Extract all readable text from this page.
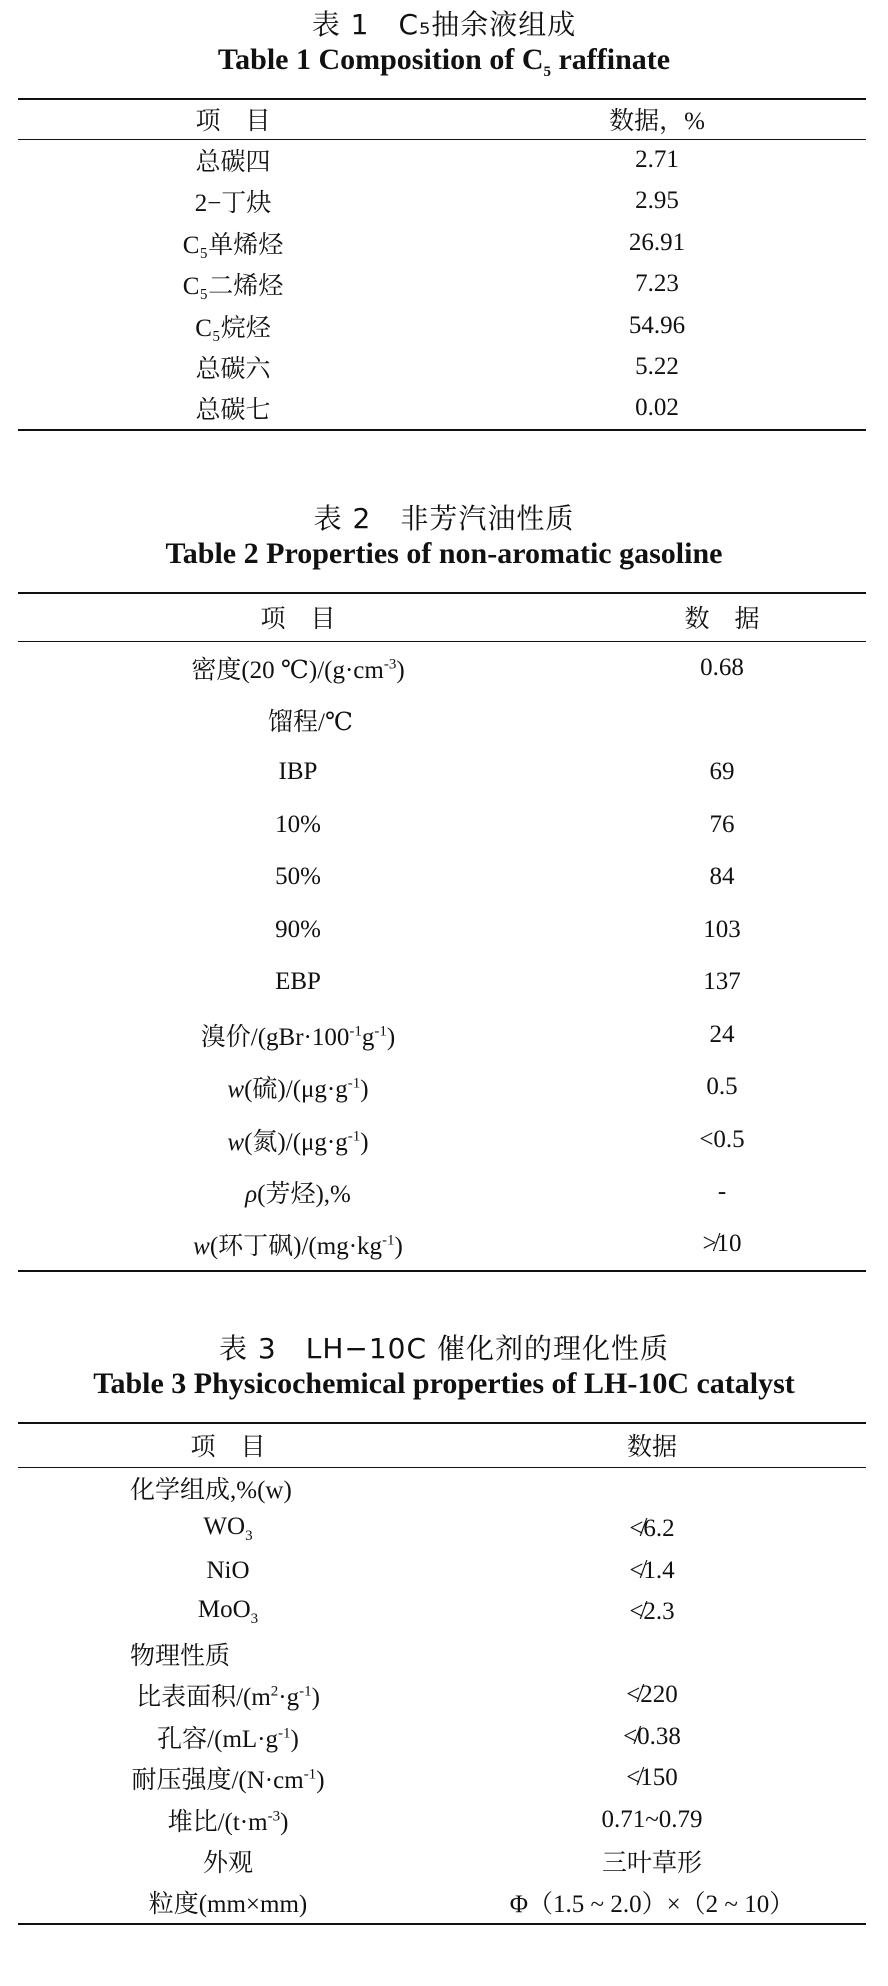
表 1　C₅抽余液组成
Table 1 Composition of $C_5$ raffinate
项　目	数据，%
总碳四	2.71
2−丁炔	2.95
C₅单烯烃	26.91
C₅二烯烃	7.23
C₅烷烃	54.96
总碳六	5.22
总碳七	0.02
表 2　非芳汽油性质
Table 2 Properties of non-aromatic gasoline
项　目	数　据
密度(20 $℃)/(g\cdot cm^{-3})$	0.68
馏程/℃	
IBP	69
10%	76
50%	84
90%	103
EBP	137
溴价$/(gBr\cdot 100^{-1}g^{-1})$	24
w(硫)$/(\mu g\cdot g^{-1})$	0.5
w(氮)$/(\mu g\cdot g^{-1})$	<0.5
ρ(芳烃),%	-
w(环丁砜)$/(mg\cdot kg^{-1})$	≯10
表 3　LH−10C 催化剂的理化性质
Table 3 Physicochemical properties of LH-10C catalyst
项　目	数据
化学组成,%(w)	
$WO_3$	≮6.2
NiO	≮1.4
MoO$_3$	≮2.3
物理性质	
比表面积$/(m^2\cdot g^{-1})$	≮220
孔容$/(mL\cdot g^{-1})$	≮0.38
耐压强度$/(N\cdot cm^{-1})$	≮150
堆比$/(t\cdot m^{-3})$	0.71~0.79
外观	三叶草形
粒度(mm×mm)	Φ（1.5 ~ 2.0）×（2 ~ 10）
